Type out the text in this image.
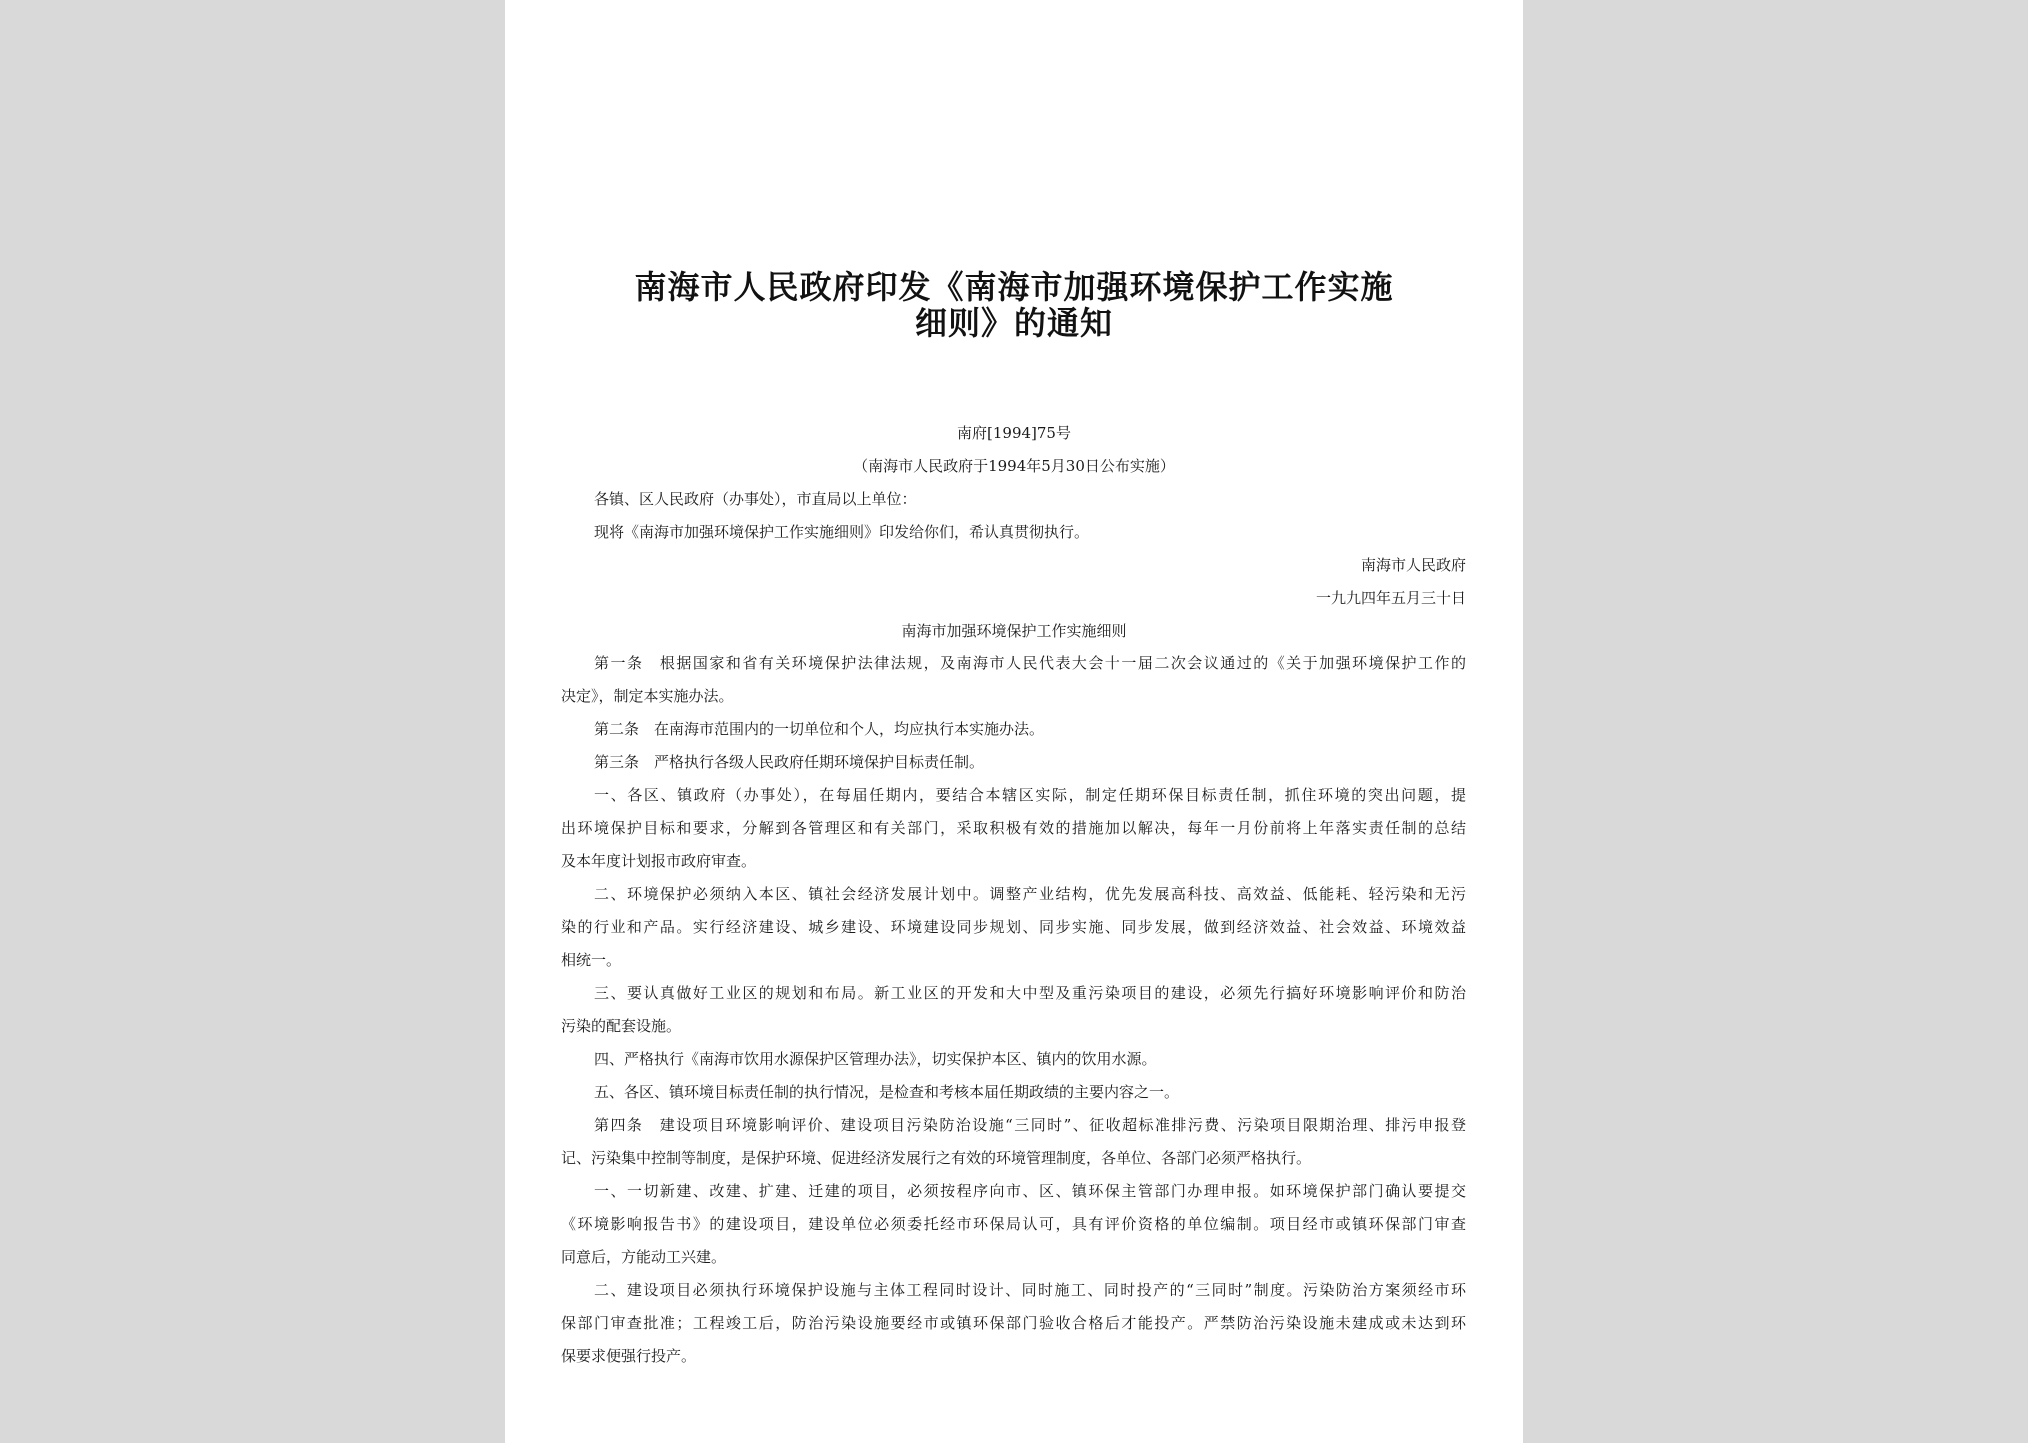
南海市人民政府印发《南海市加强环境保护工作实施
细则》的通知
南府[1994]75号
（南海市人民政府于1994年5月30日公布实施）
各镇、区人民政府（办事处），市直局以上单位：
现将《南海市加强环境保护工作实施细则》印发给你们，希认真贯彻执行。
南海市人民政府
一九九四年五月三十日
南海市加强环境保护工作实施细则
第一条　根据国家和省有关环境保护法律法规，及南海市人民代表大会十一届二次会议通过的《关于加强环境保护工作的
决定》，制定本实施办法。
第二条　在南海市范围内的一切单位和个人，均应执行本实施办法。
第三条　严格执行各级人民政府任期环境保护目标责任制。
一、各区、镇政府（办事处），在每届任期内，要结合本辖区实际，制定任期环保目标责任制，抓住环境的突出问题，提
出环境保护目标和要求，分解到各管理区和有关部门，采取积极有效的措施加以解决，每年一月份前将上年落实责任制的总结
及本年度计划报市政府审查。
二、环境保护必须纳入本区、镇社会经济发展计划中。调整产业结构，优先发展高科技、高效益、低能耗、轻污染和无污
染的行业和产品。实行经济建设、城乡建设、环境建设同步规划、同步实施、同步发展，做到经济效益、社会效益、环境效益
相统一。
三、要认真做好工业区的规划和布局。新工业区的开发和大中型及重污染项目的建设，必须先行搞好环境影响评价和防治
污染的配套设施。
四、严格执行《南海市饮用水源保护区管理办法》，切实保护本区、镇内的饮用水源。
五、各区、镇环境目标责任制的执行情况，是检查和考核本届任期政绩的主要内容之一。
第四条　建设项目环境影响评价、建设项目污染防治设施“三同时”、征收超标准排污费、污染项目限期治理、排污申报登
记、污染集中控制等制度，是保护环境、促进经济发展行之有效的环境管理制度，各单位、各部门必须严格执行。
一、一切新建、改建、扩建、迁建的项目，必须按程序向市、区、镇环保主管部门办理申报。如环境保护部门确认要提交
《环境影响报告书》的建设项目，建设单位必须委托经市环保局认可，具有评价资格的单位编制。项目经市或镇环保部门审查
同意后，方能动工兴建。
二、建设项目必须执行环境保护设施与主体工程同时设计、同时施工、同时投产的“三同时”制度。污染防治方案须经市环
保部门审查批准；工程竣工后，防治污染设施要经市或镇环保部门验收合格后才能投产。严禁防治污染设施未建成或未达到环
保要求便强行投产。
